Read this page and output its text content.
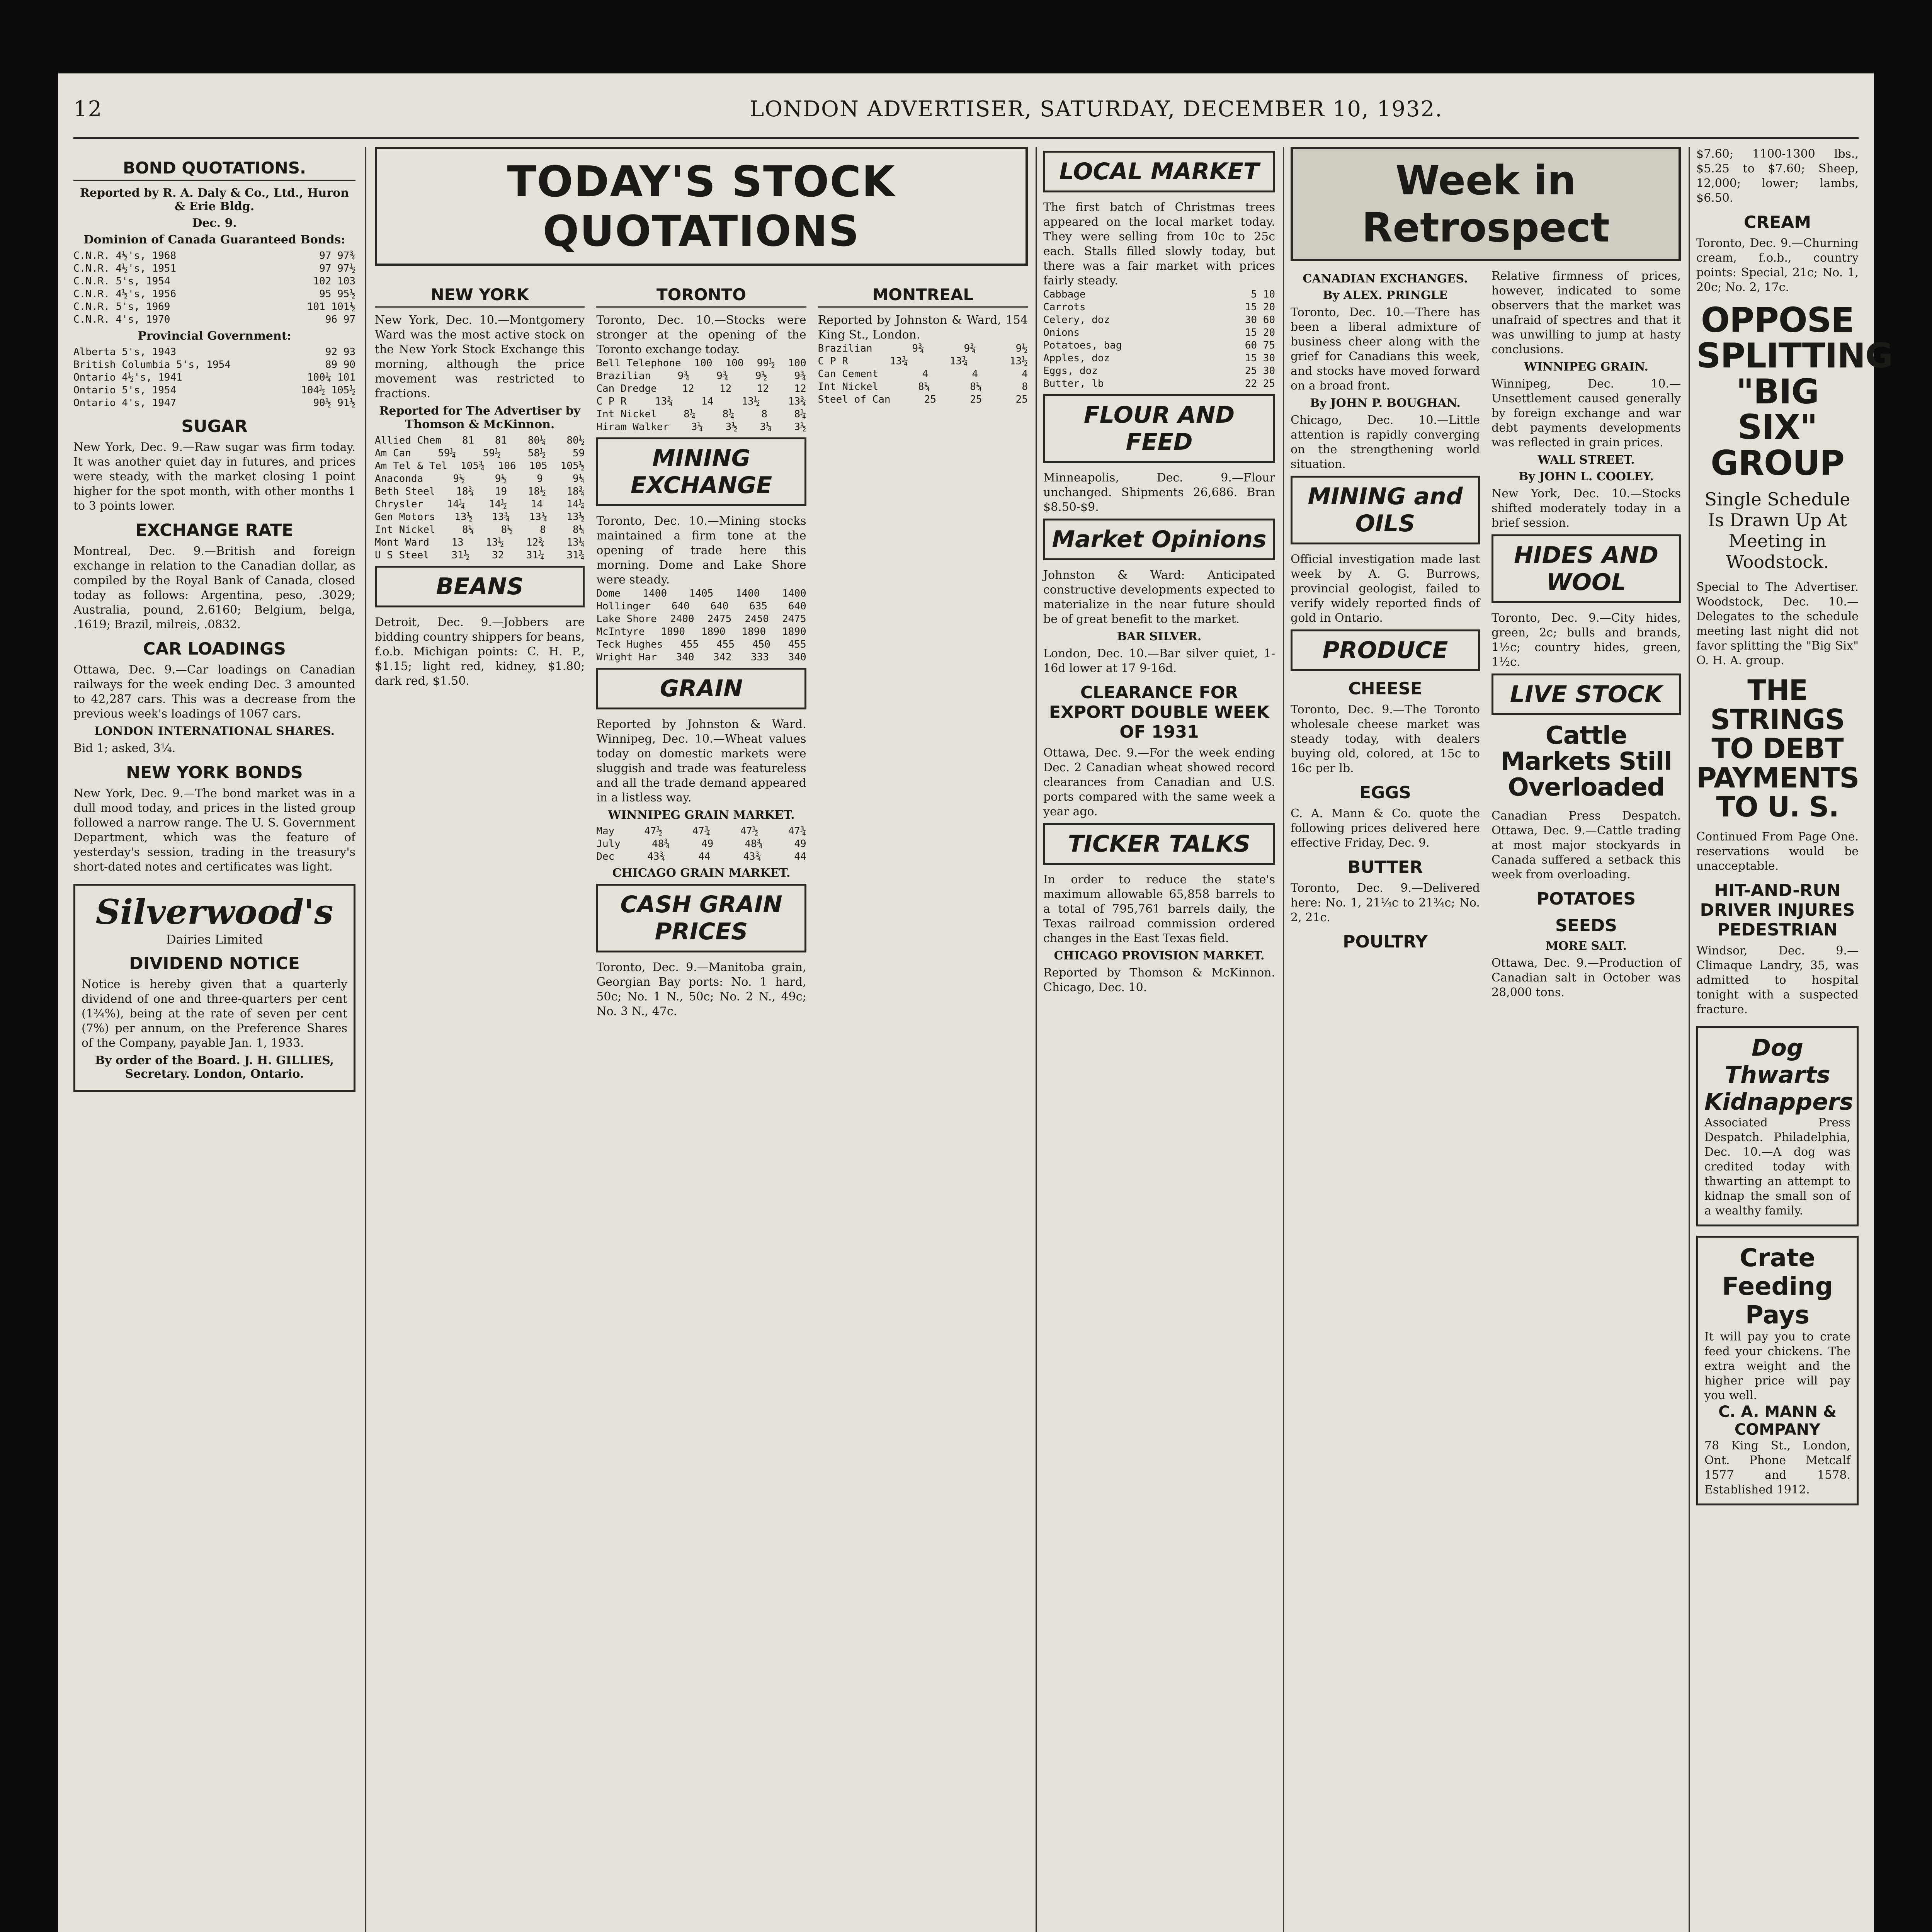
12	LONDON ADVERTISER, SATURDAY, DECEMBER 10, 1932.
BOND QUOTATIONS.
Reported by R. A. Daly & Co., Ltd., Huron & Erie Bldg.
Dec. 9.
Dominion of Canada Guaranteed Bonds:
C.N.R. 4½'s, 1968	97 97¾
C.N.R. 4½'s, 1951	97 97½
C.N.R. 5's, 1954	102 103
C.N.R. 4½'s, 1956	95 95½
C.N.R. 5's, 1969	101 101½
C.N.R. 4's, 1970	96 97
Provincial Government:
Alberta 5's, 1943	92 93
British Columbia 5's, 1954	89 90
Ontario 4½'s, 1941	100¼ 101
Ontario 5's, 1954	104½ 105½
Ontario 4's, 1947	90½ 91½
SUGAR
New York, Dec. 9.—Raw sugar was firm today. It was another quiet day in futures, and prices were steady, with the market closing 1 point higher for the spot month, with other months 1 to 3 points lower.
EXCHANGE RATE
Montreal, Dec. 9.—British and foreign exchange in relation to the Canadian dollar, as compiled by the Royal Bank of Canada, closed today as follows: Argentina, peso, .3029; Australia, pound, 2.6160; Belgium, belga, .1619; Brazil, milreis, .0832.
CAR LOADINGS
Ottawa, Dec. 9.—Car loadings on Canadian railways for the week ending Dec. 3 amounted to 42,287 cars. This was a decrease from the previous week's loadings of 1067 cars.
LONDON INTERNATIONAL SHARES.
Bid 1; asked, 3¼.
NEW YORK BONDS
New York, Dec. 9.—The bond market was in a dull mood today, and prices in the listed group followed a narrow range. The U. S. Government Department, which was the feature of yesterday's session, trading in the treasury's short-dated notes and certificates was light.
Silverwood's
Dairies Limited
DIVIDEND NOTICE
Notice is hereby given that a quarterly dividend of one and three-quarters per cent (1¾%), being at the rate of seven per cent (7%) per annum, on the Preference Shares of the Company, payable Jan. 1, 1933.
By order of the Board. J. H. GILLIES, Secretary. London, Ontario.
TODAY'S STOCK QUOTATIONS
NEW YORK
New York, Dec. 10.—Montgomery Ward was the most active stock on the New York Stock Exchange this morning, although the price movement was restricted to fractions.
Reported for The Advertiser by Thomson & McKinnon.
Allied Chem 81 81 80¼ 80½
Am Can	59¼	59½	58½	59
Am Tel & Tel 105¾ 106 105 105½
Anaconda	9½	9½	9	9¼
Beth Steel 18¾ 19 18½ 18¾
Chrysler 14¼ 14½ 14 14¼
Gen Motors 13½ 13¾ 13¼ 13½
Int Nickel	8¼	8½	8	8¼
Mont Ward 13 13½ 12¾ 13¼
U S Steel 31½ 32 31¼ 31¾
BEANS
Detroit, Dec. 9.—Jobbers are bidding country shippers for beans, f.o.b. Michigan points: C. H. P., $1.15; light red, kidney, $1.80; dark red, $1.50.
TORONTO
Toronto, Dec. 10.—Stocks were stronger at the opening of the Toronto exchange today.
Bell Telephone 100 100 99½ 100
Brazilian	9¾	9¾	9½	9¾
Can Dredge	12	12	12	12
C P R	13¾	14	13½	13¾
Int Nickel	8¼	8¼	8	8¼
Hiram Walker 3¼ 3½ 3¼ 3½
MINING EXCHANGE
Toronto, Dec. 10.—Mining stocks maintained a firm tone at the opening of trade here this morning. Dome and Lake Shore were steady.
Dome 1400 1405 1400 1400
Hollinger 640 640 635 640
Lake Shore 2400 2475 2450 2475
McIntyre 1890 1890 1890 1890
Teck Hughes 455 455 450 455
Wright Har 340 342 333 340
GRAIN
Reported by Johnston & Ward. Winnipeg, Dec. 10.—Wheat values today on domestic markets were sluggish and trade was featureless and all the trade demand appeared in a listless way.
WINNIPEG GRAIN MARKET.
May	47½	47¾	47½	47¾
July	48¾	49	48¾	49
Dec	43¾	44	43¾	44
CHICAGO GRAIN MARKET.
CASH GRAIN PRICES
Toronto, Dec. 9.—Manitoba grain, Georgian Bay ports: No. 1 hard, 50c; No. 1 N., 50c; No. 2 N., 49c; No. 3 N., 47c.
MONTREAL
Reported by Johnston & Ward, 154 King St., London.
Brazilian	9¾	9¾	9½
C P R	13¾	13¾	13½
Can Cement	4	4	4
Int Nickel	8¼	8¼	8
Steel of Can	25	25	25
LOCAL MARKET
The first batch of Christmas trees appeared on the local market today. They were selling from 10c to 25c each. Stalls filled slowly today, but there was a fair market with prices fairly steady.
Cabbage	5 10
Carrots	15 20
Celery, doz	30 60
Onions	15 20
Potatoes, bag	60 75
Apples, doz	15 30
Eggs, doz	25 30
Butter, lb	22 25
FLOUR AND FEED
Minneapolis, Dec. 9.—Flour unchanged. Shipments 26,686. Bran $8.50-$9.
Market Opinions
Johnston & Ward: Anticipated constructive developments expected to materialize in the near future should be of great benefit to the market.
BAR SILVER.
London, Dec. 10.—Bar silver quiet, 1-16d lower at 17 9-16d.
CLEARANCE FOR EXPORT DOUBLE WEEK OF 1931
Ottawa, Dec. 9.—For the week ending Dec. 2 Canadian wheat showed record clearances from Canadian and U.S. ports compared with the same week a year ago.
TICKER TALKS
In order to reduce the state's maximum allowable 65,858 barrels to a total of 795,761 barrels daily, the Texas railroad commission ordered changes in the East Texas field.
CHICAGO PROVISION MARKET.
Reported by Thomson & McKinnon. Chicago, Dec. 10.
Week in Retrospect
CANADIAN EXCHANGES.
By ALEX. PRINGLE
Toronto, Dec. 10.—There has been a liberal admixture of business cheer along with the grief for Canadians this week, and stocks have moved forward on a broad front.
By JOHN P. BOUGHAN.
Chicago, Dec. 10.—Little attention is rapidly converging on the strengthening world situation.
MINING and OILS
Official investigation made last week by A. G. Burrows, provincial geologist, failed to verify widely reported finds of gold in Ontario.
PRODUCE
CHEESE
Toronto, Dec. 9.—The Toronto wholesale cheese market was steady today, with dealers buying old, colored, at 15c to 16c per lb.
EGGS
C. A. Mann & Co. quote the following prices delivered here effective Friday, Dec. 9.
BUTTER
Toronto, Dec. 9.—Delivered here: No. 1, 21¼c to 21¾c; No. 2, 21c.
POULTRY
Relative firmness of prices, however, indicated to some observers that the market was unafraid of spectres and that it was unwilling to jump at hasty conclusions.
WINNIPEG GRAIN.
Winnipeg, Dec. 10.—Unsettlement caused generally by foreign exchange and war debt payments developments was reflected in grain prices.
WALL STREET.
By JOHN L. COOLEY.
New York, Dec. 10.—Stocks shifted moderately today in a brief session.
HIDES AND WOOL
Toronto, Dec. 9.—City hides, green, 2c; bulls and brands, 1½c; country hides, green, 1½c.
LIVE STOCK
Cattle Markets Still Overloaded
Canadian Press Despatch. Ottawa, Dec. 9.—Cattle trading at most major stockyards in Canada suffered a setback this week from overloading.
POTATOES
SEEDS
MORE SALT.
Ottawa, Dec. 9.—Production of Canadian salt in October was 28,000 tons.
$7.60; 1100-1300 lbs., $5.25 to $7.60; Sheep, 12,000; lower; lambs, $6.50.
CREAM
Toronto, Dec. 9.—Churning cream, f.o.b., country points: Special, 21c; No. 1, 20c; No. 2, 17c.
OPPOSE SPLITTING "BIG SIX" GROUP
Single Schedule Is Drawn Up At Meeting in Woodstock.
Special to The Advertiser. Woodstock, Dec. 10.—Delegates to the schedule meeting last night did not favor splitting the "Big Six" O. H. A. group.
THE STRINGS TO DEBT PAYMENTS TO U. S.
Continued From Page One. reservations would be unacceptable.
HIT-AND-RUN DRIVER INJURES PEDESTRIAN
Windsor, Dec. 9.—Climaque Landry, 35, was admitted to hospital tonight with a suspected fracture.
Dog Thwarts Kidnappers
Associated Press Despatch. Philadelphia, Dec. 10.—A dog was credited today with thwarting an attempt to kidnap the small son of a wealthy family.
Crate Feeding Pays
It will pay you to crate feed your chickens. The extra weight and the higher price will pay you well.
C. A. MANN & COMPANY
78 King St., London, Ont. Phone Metcalf 1577 and 1578. Established 1912.
